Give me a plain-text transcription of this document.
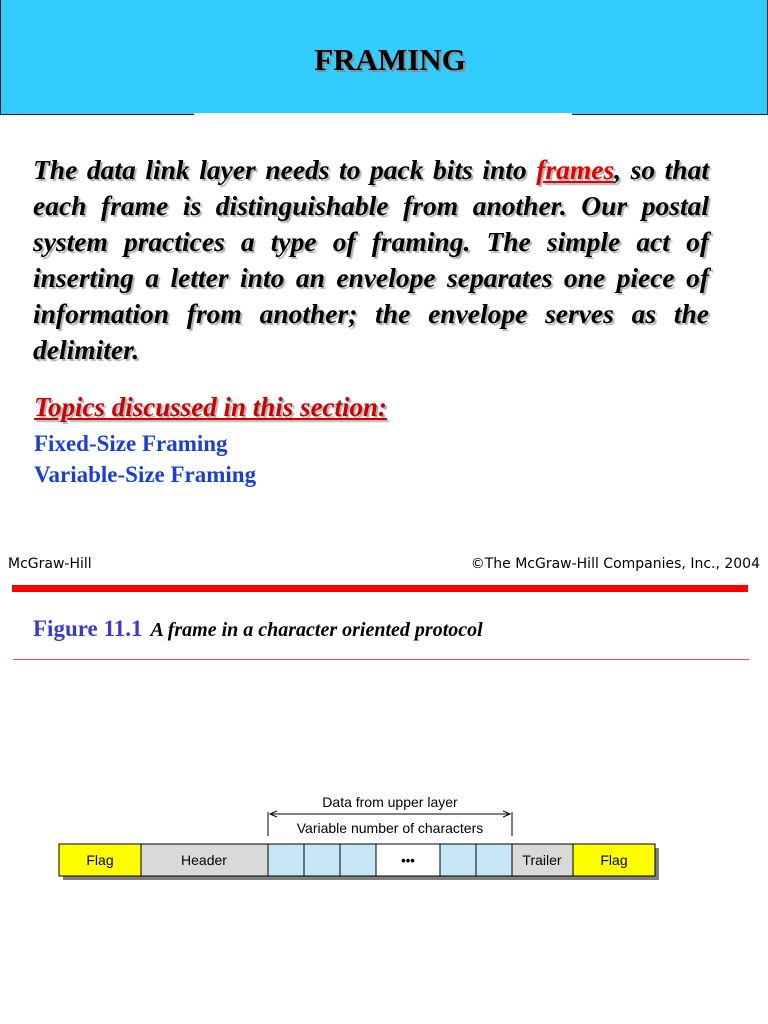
FRAMING
The data link layer needs to pack bits into frames, so that each frame is distinguishable from another. Our postal system practices a type of framing. The simple act of inserting a letter into an envelope separates one piece of information from another; the envelope serves as the delimiter.
Topics discussed in this section:
Fixed-Size Framing
Variable-Size Framing
McGraw-Hill	©The McGraw-Hill Companies, Inc., 2004
Figure 11.1 A frame in a character oriented protocol
Flag	Header	•••	Trailer	Flag
Data from upper layer
Variable number of characters
